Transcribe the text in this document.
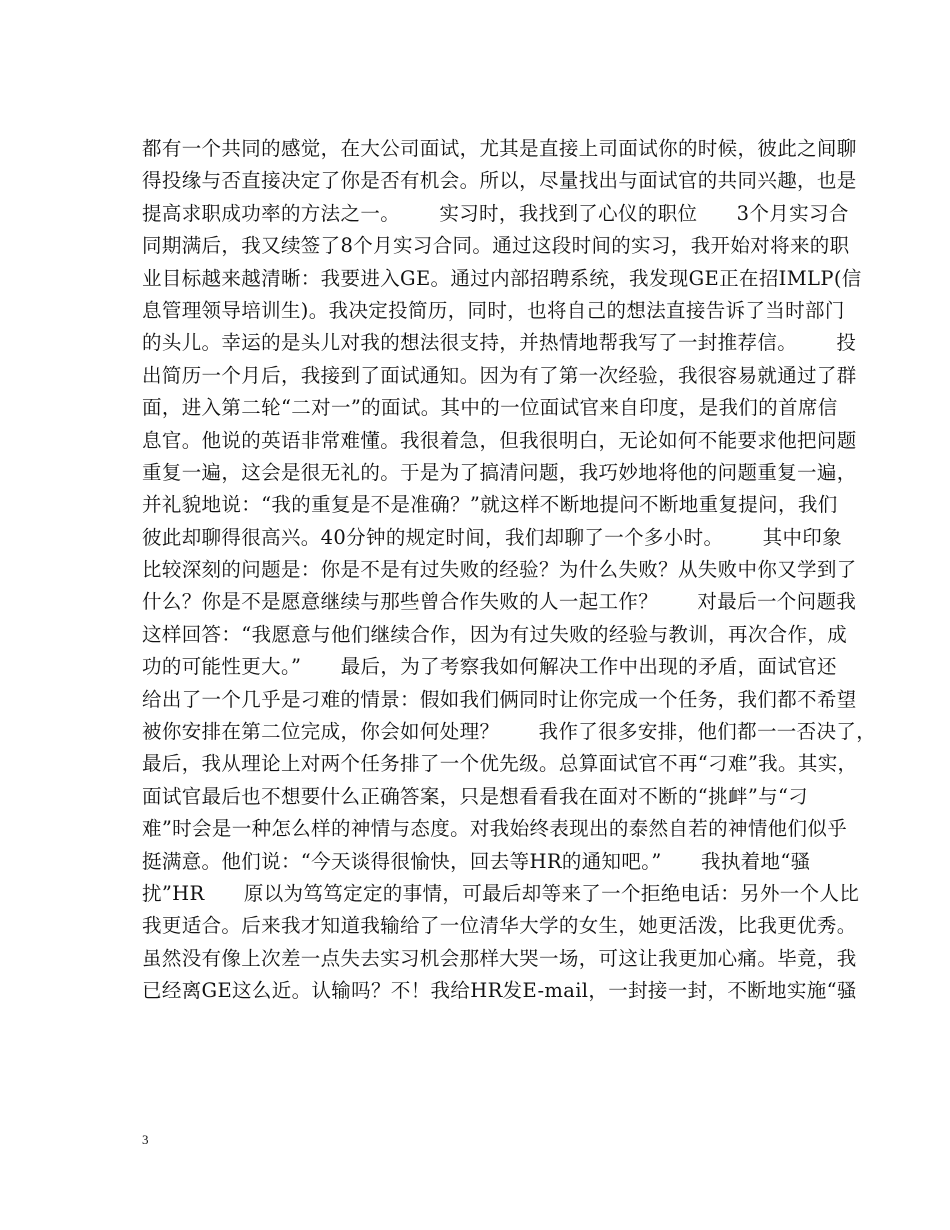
都有一个共同的感觉，在大公司面试，尤其是直接上司面试你的时候，彼此之间聊
得投缘与否直接决定了你是否有机会。所以，尽量找出与面试官的共同兴趣，也是
提高求职成功率的方法之一。      实习时，我找到了心仪的职位      3个月实习合
同期满后，我又续签了8个月实习合同。通过这段时间的实习，我开始对将来的职
业目标越来越清晰：我要进入GE。通过内部招聘系统，我发现GE正在招IMLP(信
息管理领导培训生)。我决定投简历，同时，也将自己的想法直接告诉了当时部门
的头儿。幸运的是头儿对我的想法很支持，并热情地帮我写了一封推荐信。      投
出简历一个月后，我接到了面试通知。因为有了第一次经验，我很容易就通过了群
面，进入第二轮“二对一”的面试。其中的一位面试官来自印度，是我们的首席信
息官。他说的英语非常难懂。我很着急，但我很明白，无论如何不能要求他把问题
重复一遍，这会是很无礼的。于是为了搞清问题，我巧妙地将他的问题重复一遍，
并礼貌地说：“我的重复是不是准确？”就这样不断地提问不断地重复提问，我们
彼此却聊得很高兴。40分钟的规定时间，我们却聊了一个多小时。      其中印象
比较深刻的问题是：你是不是有过失败的经验？为什么失败？从失败中你又学到了
什么？你是不是愿意继续与那些曾合作失败的人一起工作？      对最后一个问题我
这样回答：“我愿意与他们继续合作，因为有过失败的经验与教训，再次合作，成
功的可能性更大。”      最后，为了考察我如何解决工作中出现的矛盾，面试官还
给出了一个几乎是刁难的情景：假如我们俩同时让你完成一个任务，我们都不希望
被你安排在第二位完成，你会如何处理？      我作了很多安排，他们都一一否决了，
最后，我从理论上对两个任务排了一个优先级。总算面试官不再“刁难”我。其实，
面试官最后也不想要什么正确答案，只是想看看我在面对不断的“挑衅”与“刁
难”时会是一种怎么样的神情与态度。对我始终表现出的泰然自若的神情他们似乎
挺满意。他们说：“今天谈得很愉快，回去等HR的通知吧。”      我执着地“骚
扰”HR      原以为笃笃定定的事情，可最后却等来了一个拒绝电话：另外一个人比
我更适合。后来我才知道我输给了一位清华大学的女生，她更活泼，比我更优秀。
虽然没有像上次差一点失去实习机会那样大哭一场，可这让我更加心痛。毕竟，我
已经离GE这么近。认输吗？不！我给HR发E-mail，一封接一封，不断地实施“骚
3
